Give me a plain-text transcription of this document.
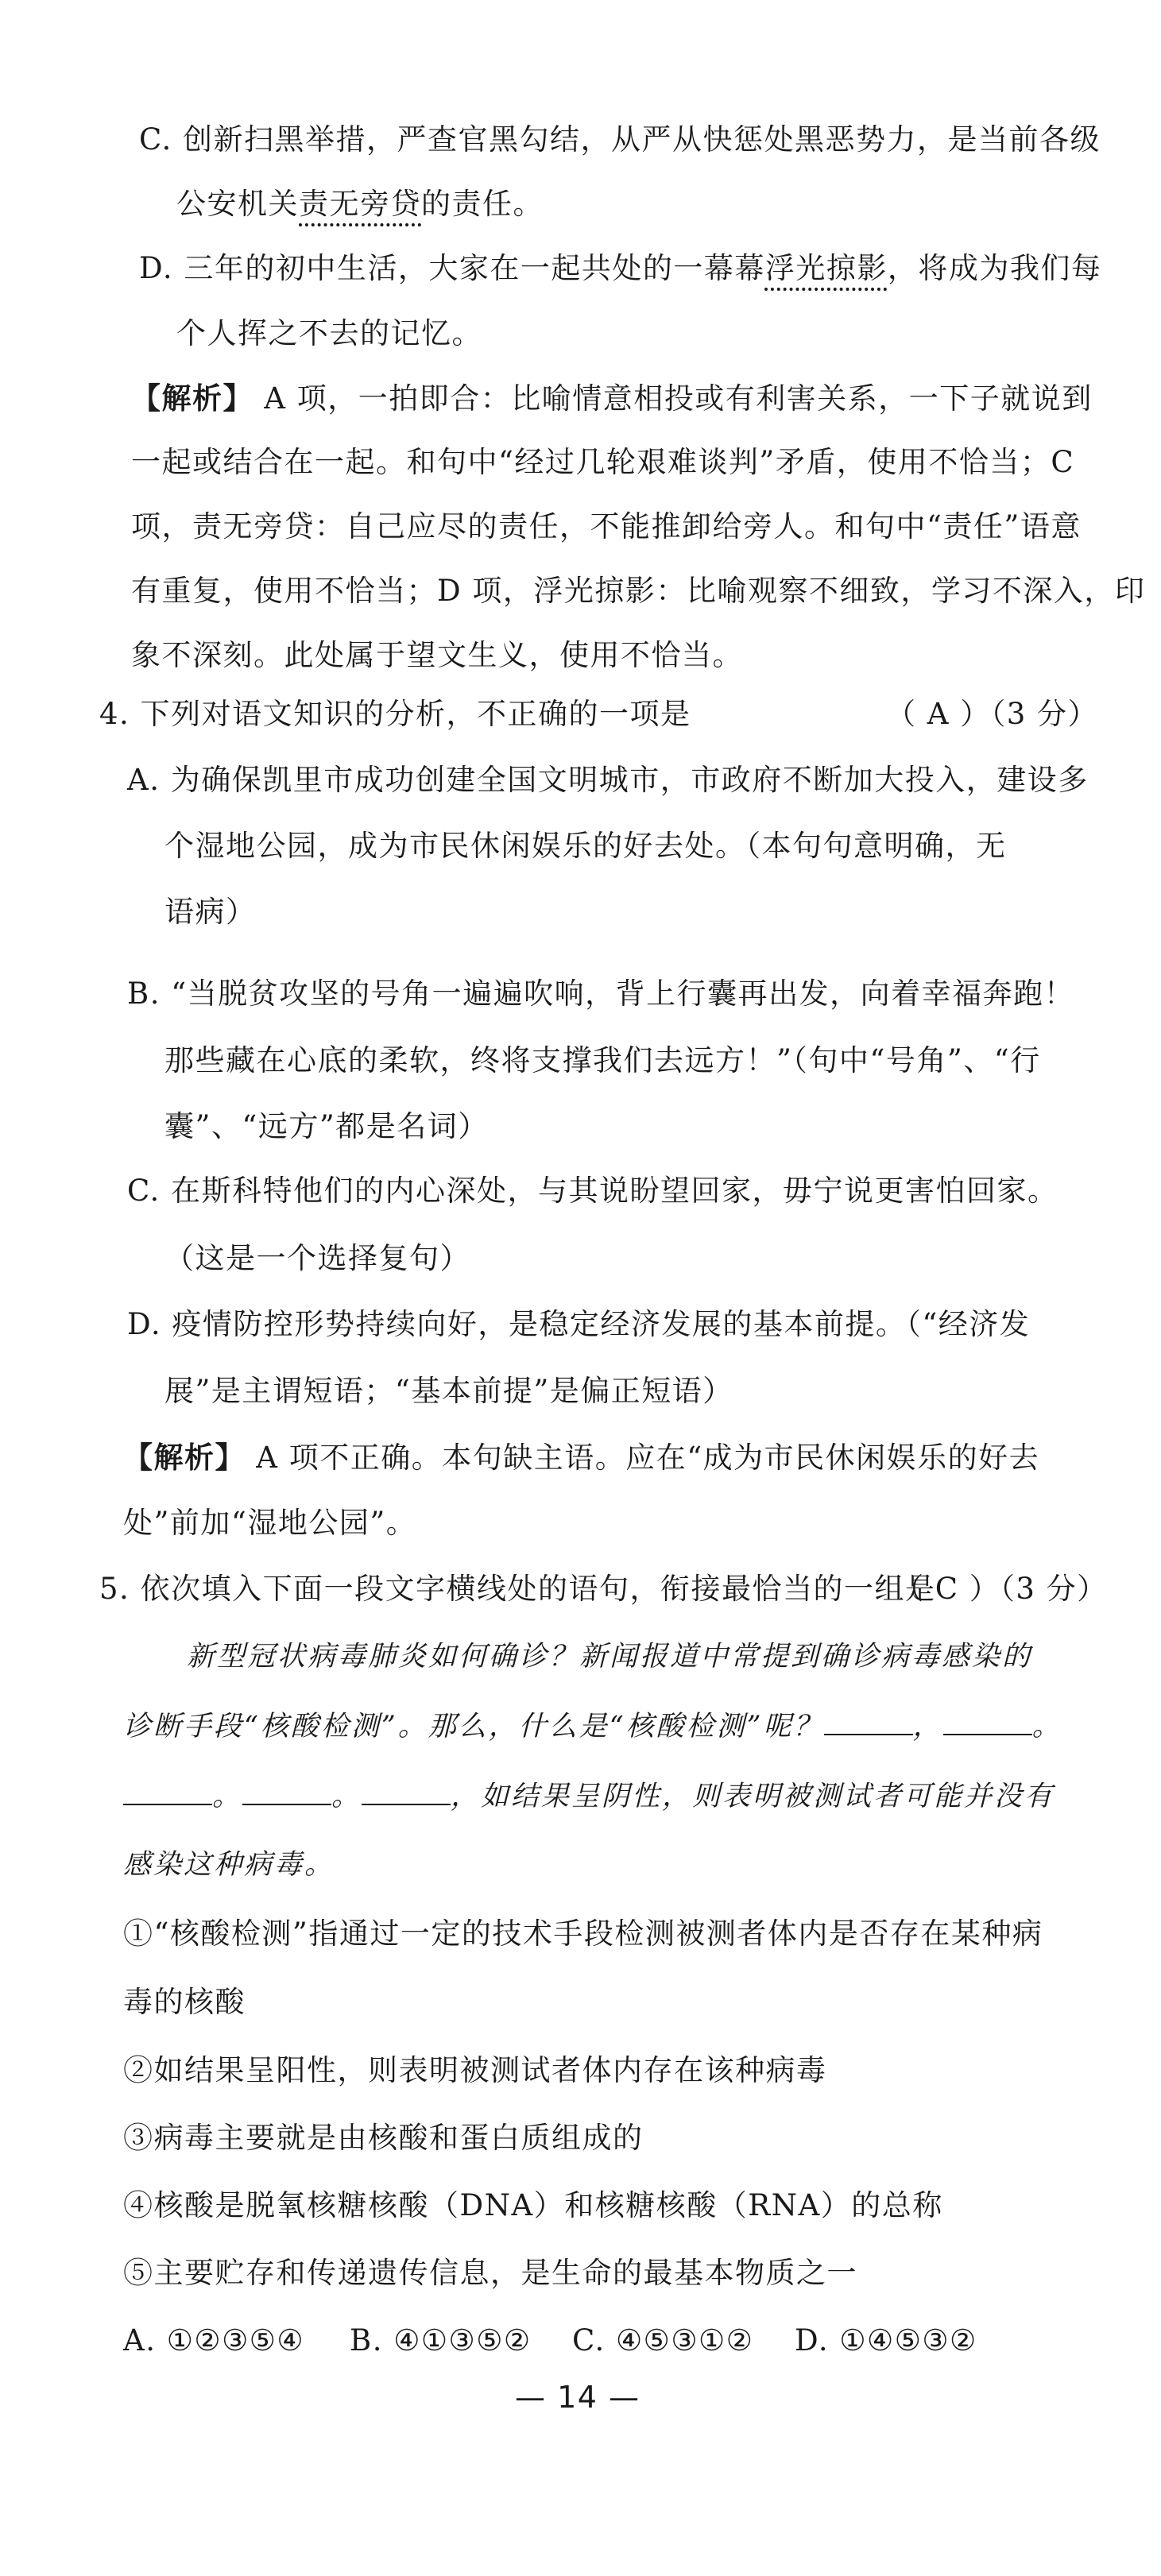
C. 创新扫黑举措，严查官黑勾结，从严从快惩处黑恶势力，是当前各级
公安机关责无旁贷的责任。
D. 三年的初中生活，大家在一起共处的一幕幕浮光掠影，将成为我们每
个人挥之不去的记忆。
【解析】 A 项，一拍即合：比喻情意相投或有利害关系，一下子就说到
一起或结合在一起。和句中“经过几轮艰难谈判”矛盾，使用不恰当；C
项，责无旁贷：自己应尽的责任，不能推卸给旁人。和句中“责任”语意
有重复，使用不恰当；D 项，浮光掠影：比喻观察不细致，学习不深入，印
象不深刻。此处属于望文生义，使用不恰当。
4. 下列对语文知识的分析，不正确的一项是	（ A ）（3 分）
A. 为确保凯里市成功创建全国文明城市，市政府不断加大投入，建设多
个湿地公园，成为市民休闲娱乐的好去处。（本句句意明确，无
语病）
B. “当脱贫攻坚的号角一遍遍吹响，背上行囊再出发，向着幸福奔跑！
那些藏在心底的柔软，终将支撑我们去远方！”（句中“号角”、“行
囊”、“远方”都是名词）
C. 在斯科特他们的内心深处，与其说盼望回家，毋宁说更害怕回家。
（这是一个选择复句）
D. 疫情防控形势持续向好，是稳定经济发展的基本前提。（“经济发
展”是主谓短语；“基本前提”是偏正短语）
【解析】 A 项不正确。本句缺主语。应在“成为市民休闲娱乐的好去
处”前加“湿地公园”。
5. 依次填入下面一段文字横线处的语句，衔接最恰当的一组是
（ C ）（3 分）
新型冠状病毒肺炎如何确诊？新闻报道中常提到确诊病毒感染的
诊断手段“核酸检测”。那么，什么是“核酸检测”呢？	，	。
。	。	，如结果呈阴性，则表明被测试者可能并没有
感染这种病毒。
①“核酸检测”指通过一定的技术手段检测被测者体内是否存在某种病
毒的核酸
②如结果呈阳性，则表明被测试者体内存在该种病毒
③病毒主要就是由核酸和蛋白质组成的
④核酸是脱氧核糖核酸（DNA）和核糖核酸（RNA）的总称
⑤主要贮存和传递遗传信息，是生命的最基本物质之一
A. ①②③⑤④ B. ④①③⑤② C. ④⑤③①② D. ①④⑤③②
— 14 —
